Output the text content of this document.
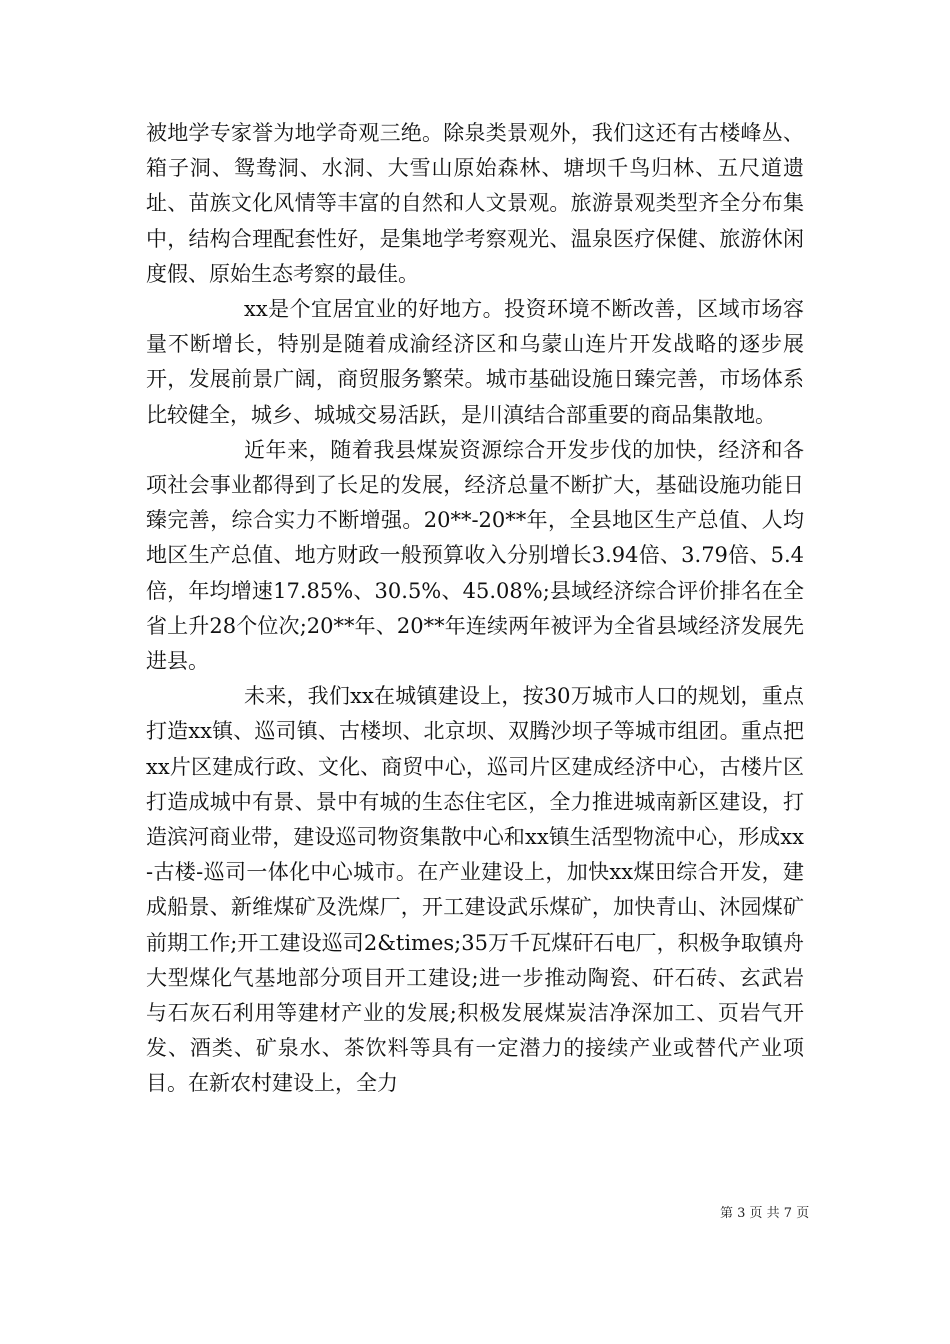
被地学专家誉为地学奇观三绝。除泉类景观外，我们这还有古楼峰丛、箱子洞、鸳鸯洞、水洞、大雪山原始森林、塘坝千鸟归林、五尺道遗址、苗族文化风情等丰富的自然和人文景观。旅游景观类型齐全分布集中，结构合理配套性好，是集地学考察观光、温泉医疗保健、旅游休闲度假、原始生态考察的最佳。

xx是个宜居宜业的好地方。投资环境不断改善，区域市场容量不断增长，特别是随着成渝经济区和乌蒙山连片开发战略的逐步展开，发展前景广阔，商贸服务繁荣。城市基础设施日臻完善，市场体系比较健全，城乡、城城交易活跃，是川滇结合部重要的商品集散地。

近年来，随着我县煤炭资源综合开发步伐的加快，经济和各项社会事业都得到了长足的发展，经济总量不断扩大，基础设施功能日臻完善，综合实力不断增强。20**-20**年，全县地区生产总值、人均地区生产总值、地方财政一般预算收入分别增长3.94倍、3.79倍、5.4倍，年均增速17.85%、30.5%、45.08%;县域经济综合评价排名在全省上升28个位次;20**年、20**年连续两年被评为全省县域经济发展先进县。

未来，我们xx在城镇建设上，按30万城市人口的规划，重点打造xx镇、巡司镇、古楼坝、北京坝、双腾沙坝子等城市组团。重点把xx片区建成行政、文化、商贸中心，巡司片区建成经济中心，古楼片区打造成城中有景、景中有城的生态住宅区，全力推进城南新区建设，打造滨河商业带，建设巡司物资集散中心和xx镇生活型物流中心，形成xx-古楼-巡司一体化中心城市。在产业建设上，加快xx煤田综合开发，建成船景、新维煤矿及洗煤厂，开工建设武乐煤矿，加快青山、沐园煤矿前期工作;开工建设巡司2&times;35万千瓦煤矸石电厂，积极争取镇舟大型煤化气基地部分项目开工建设;进一步推动陶瓷、矸石砖、玄武岩与石灰石利用等建材产业的发展;积极发展煤炭洁净深加工、页岩气开发、酒类、矿泉水、茶饮料等具有一定潜力的接续产业或替代产业项目。在新农村建设上，全力

第 3 页 共 7 页
